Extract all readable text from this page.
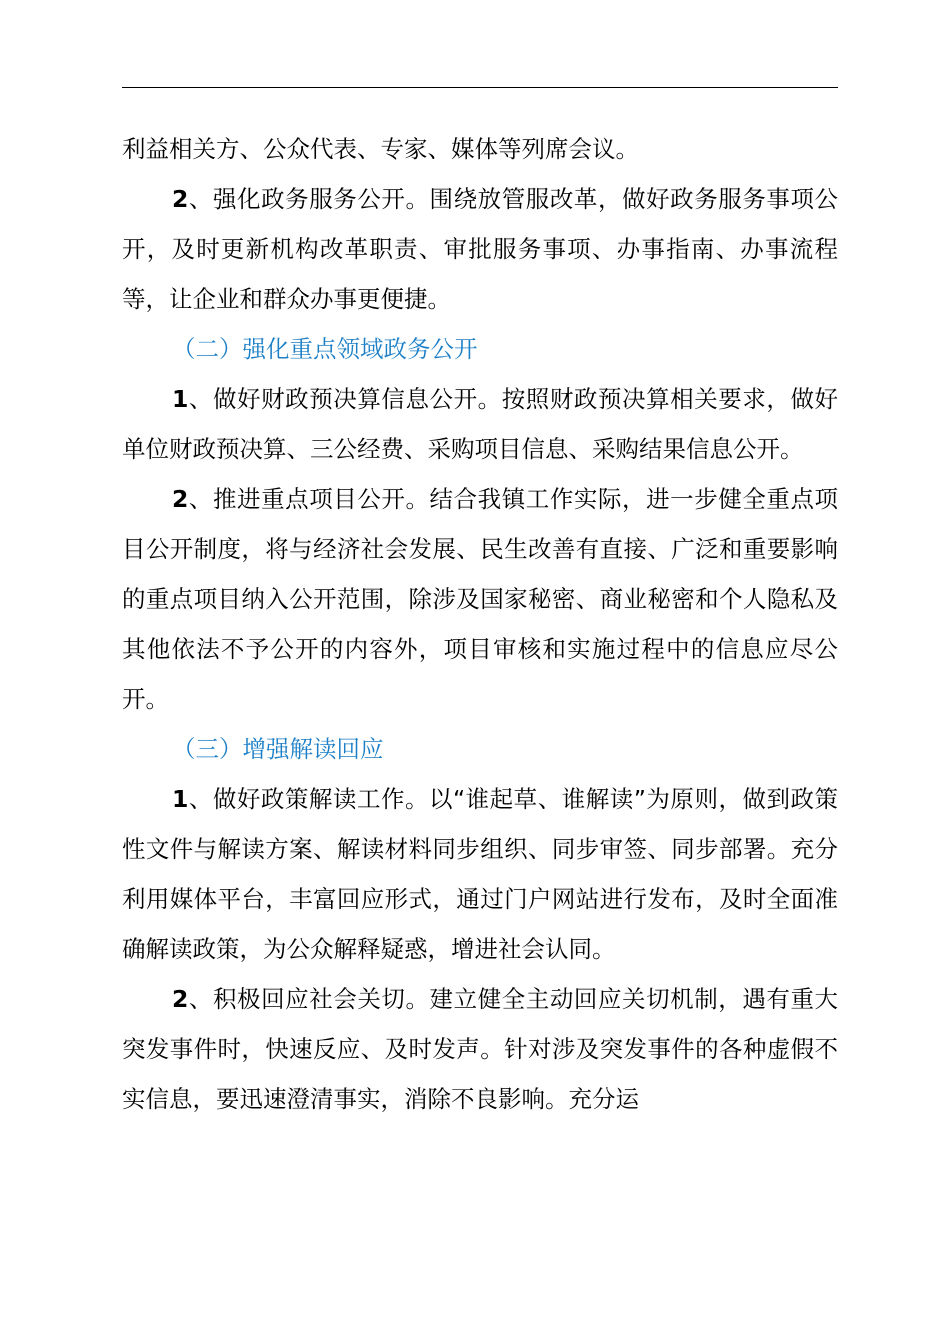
利益相关方、公众代表、专家、媒体等列席会议。

2、强化政务服务公开。围绕放管服改革，做好政务服务事项公开，及时更新机构改革职责、审批服务事项、办事指南、办事流程等，让企业和群众办事更便捷。

（二）强化重点领域政务公开

1、做好财政预决算信息公开。按照财政预决算相关要求，做好单位财政预决算、三公经费、采购项目信息、采购结果信息公开。

2、推进重点项目公开。结合我镇工作实际，进一步健全重点项目公开制度，将与经济社会发展、民生改善有直接、广泛和重要影响的重点项目纳入公开范围，除涉及国家秘密、商业秘密和个人隐私及其他依法不予公开的内容外，项目审核和实施过程中的信息应尽公开。

（三）增强解读回应

1、做好政策解读工作。以“谁起草、谁解读”为原则，做到政策性文件与解读方案、解读材料同步组织、同步审签、同步部署。充分利用媒体平台，丰富回应形式，通过门户网站进行发布，及时全面准确解读政策，为公众解释疑惑，增进社会认同。

2、积极回应社会关切。建立健全主动回应关切机制，遇有重大突发事件时，快速反应、及时发声。针对涉及突发事件的各种虚假不实信息，要迅速澄清事实，消除不良影响。充分运
